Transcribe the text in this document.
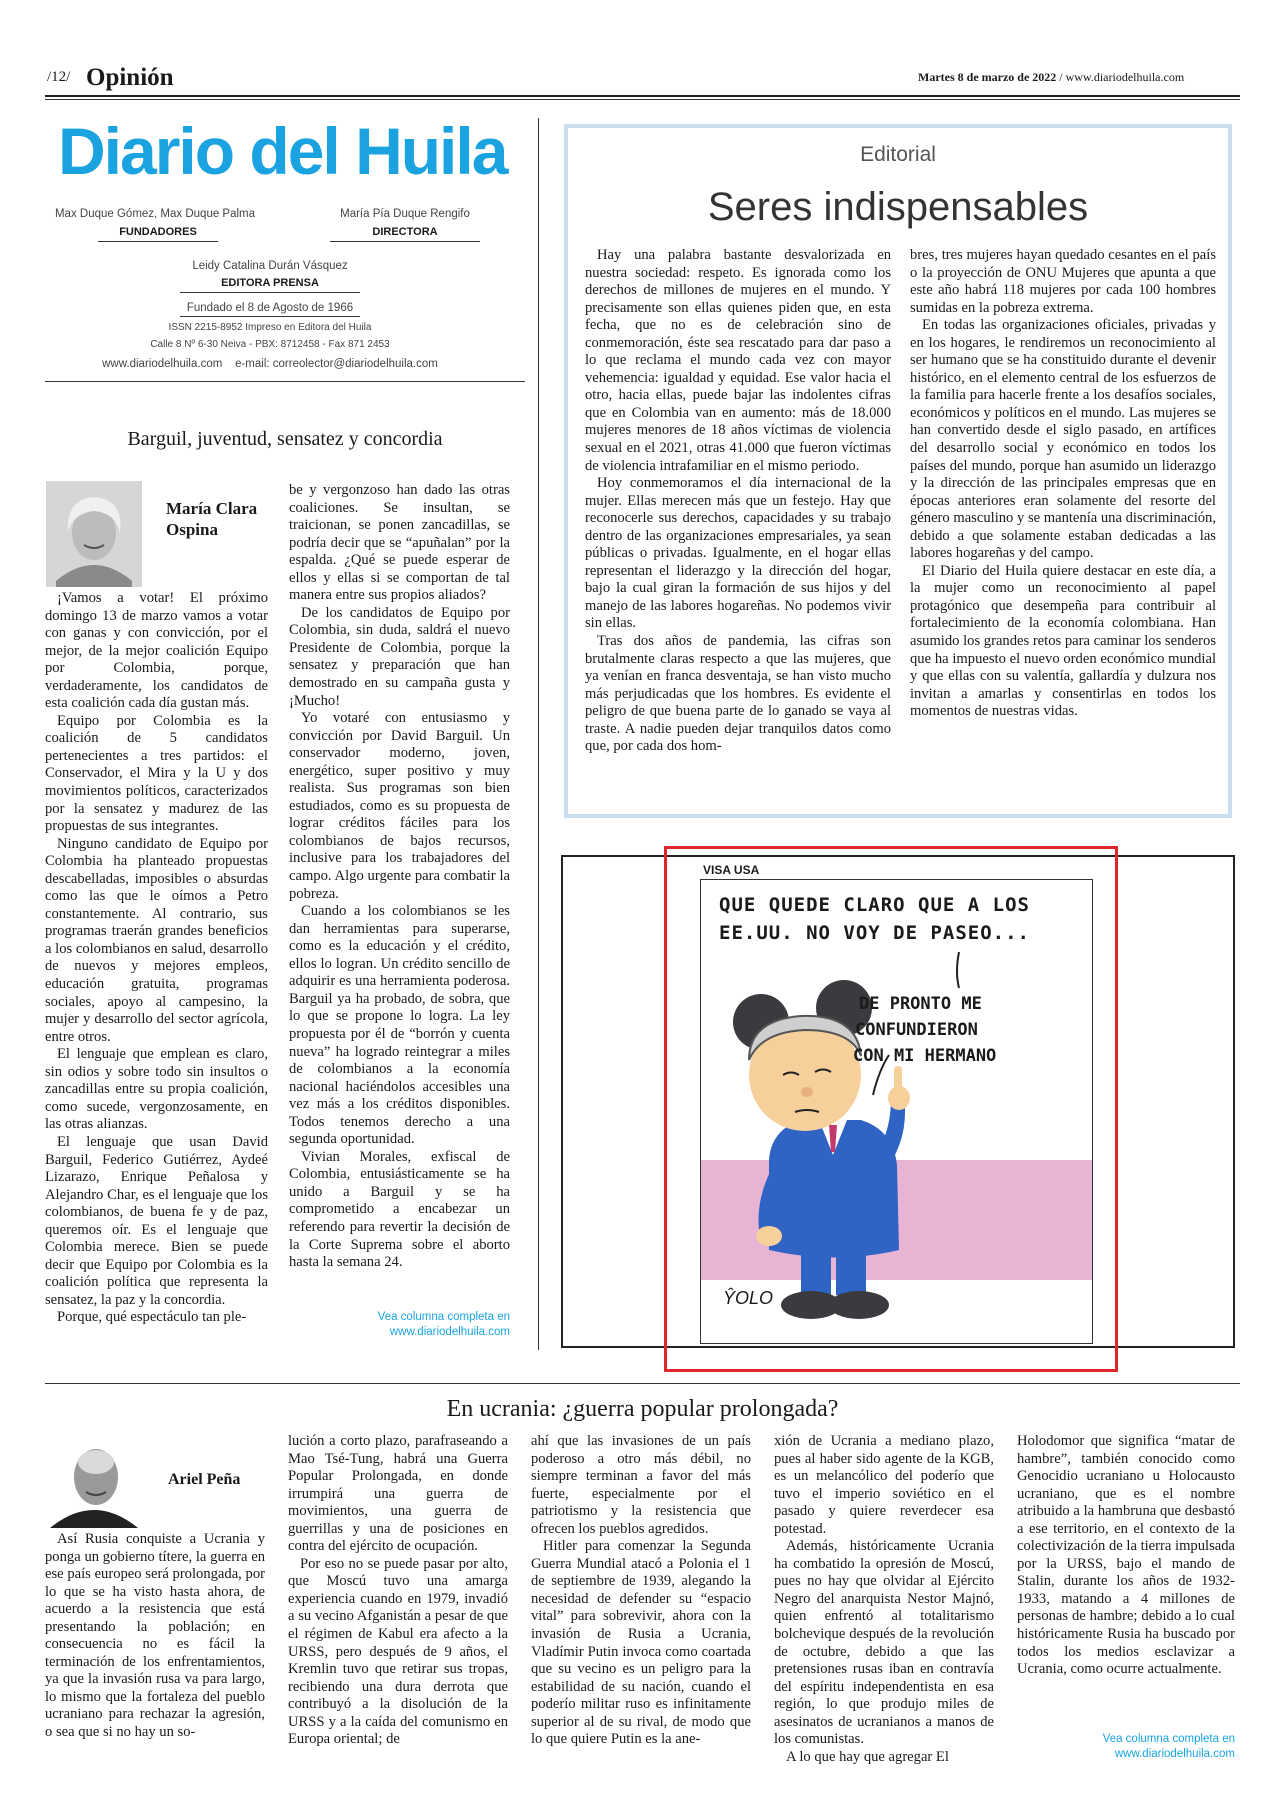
/12/ Opinión	Martes 8 de marzo de 2022 / www.diariodelhuila.com
Diario del Huila
Max Duque Gómez, Max Duque Palma
FUNDADORES
María Pía Duque Rengifo
DIRECTORA
Leidy Catalina Durán Vásquez
EDITORA PRENSA
Fundado el 8 de Agosto de 1966
ISSN 2215-8952 Impreso en Editora del Huila
Calle 8 Nº 6-30 Neiva - PBX: 8712458 - Fax 871 2453
www.diariodelhuila.com    e-mail: correolector@diariodelhuila.com
Barguil, juventud, sensatez y concordia
María Clara Ospina

¡Vamos a votar! El próximo domingo 13 de marzo vamos a votar con ganas y con convicción, por el mejor, de la mejor coalición Equipo por Colombia, porque, verdaderamente, los candidatos de esta coalición cada día gustan más.

Equipo por Colombia es la coalición de 5 candidatos pertenecientes a tres partidos: el Conservador, el Mira y la U y dos movimientos políticos, caracterizados por la sensatez y madurez de las propuestas de sus integrantes.

Ninguno candidato de Equipo por Colombia ha planteado propuestas descabelladas, imposibles o absurdas como las que le oímos a Petro constantemente. Al contrario, sus programas traerán grandes beneficios a los colombianos en salud, desarrollo de nuevos y mejores empleos, educación gratuita, programas sociales, apoyo al campesino, la mujer y desarrollo del sector agrícola, entre otros.

El lenguaje que emplean es claro, sin odios y sobre todo sin insultos o zancadillas entre su propia coalición, como sucede, vergonzosamente, en las otras alianzas.

El lenguaje que usan David Barguil, Federico Gutiérrez, Aydeé Lizarazo, Enrique Peñalosa y Alejandro Char, es el lenguaje que los colombianos, de buena fe y de paz, queremos oír. Es el lenguaje que Colombia merece. Bien se puede decir que Equipo por Colombia es la coalición política que representa la sensatez, la paz y la concordia.

Porque, qué espectáculo tan ple-

be y vergonzoso han dado las otras coaliciones. Se insultan, se traicionan, se ponen zancadillas, se podría decir que se “apuñalan” por la espalda. ¿Qué se puede esperar de ellos y ellas si se comportan de tal manera entre sus propios aliados?

De los candidatos de Equipo por Colombia, sin duda, saldrá el nuevo Presidente de Colombia, porque la sensatez y preparación que han demostrado en su campaña gusta y ¡Mucho!

Yo votaré con entusiasmo y convicción por David Barguil. Un conservador moderno, joven, energético, super positivo y muy realista. Sus programas son bien estudiados, como es su propuesta de lograr créditos fáciles para los colombianos de bajos recursos, inclusive para los trabajadores del campo. Algo urgente para combatir la pobreza.

Cuando a los colombianos se les dan herramientas para superarse, como es la educación y el crédito, ellos lo logran. Un crédito sencillo de adquirir es una herramienta poderosa. Barguil ya ha probado, de sobra, que lo que se propone lo logra. La ley propuesta por él de “borrón y cuenta nueva” ha logrado reintegrar a miles de colombianos a la economía nacional haciéndolos accesibles una vez más a los créditos disponibles. Todos tenemos derecho a una segunda oportunidad.

Vivian Morales, exfiscal de Colombia, entusiásticamente se ha unido a Barguil y se ha comprometido a encabezar un referendo para revertir la decisión de la Corte Suprema sobre el aborto hasta la semana 24.

Vea columna completa en
www.diariodelhuila.com
Editorial
Seres indispensables

Hay una palabra bastante desvalorizada en nuestra sociedad: respeto. Es ignorada como los derechos de millones de mujeres en el mundo. Y precisamente son ellas quienes piden que, en esta fecha, que no es de celebración sino de conmemoración, éste sea rescatado para dar paso a lo que reclama el mundo cada vez con mayor vehemencia: igualdad y equidad. Ese valor hacia el otro, hacia ellas, puede bajar las indolentes cifras que en Colombia van en aumento: más de 18.000 mujeres menores de 18 años víctimas de violencia sexual en el 2021, otras 41.000 que fueron víctimas de violencia intrafamiliar en el mismo periodo.

Hoy conmemoramos el día internacional de la mujer. Ellas merecen más que un festejo. Hay que reconocerle sus derechos, capacidades y su trabajo dentro de las organizaciones empresariales, ya sean públicas o privadas. Igualmente, en el hogar ellas representan el liderazgo y la dirección del hogar, bajo la cual giran la formación de sus hijos y del manejo de las labores hogareñas. No podemos vivir sin ellas.

Tras dos años de pandemia, las cifras son brutalmente claras respecto a que las mujeres, que ya venían en franca desventaja, se han visto mucho más perjudicadas que los hombres. Es evidente el peligro de que buena parte de lo ganado se vaya al traste. A nadie pueden dejar tranquilos datos como que, por cada dos hom-

bres, tres mujeres hayan quedado cesantes en el país o la proyección de ONU Mujeres que apunta a que este año habrá 118 mujeres por cada 100 hombres sumidas en la pobreza extrema.

En todas las organizaciones oficiales, privadas y en los hogares, le rendiremos un reconocimiento al ser humano que se ha constituido durante el devenir histórico, en el elemento central de los esfuerzos de la familia para hacerle frente a los desafíos sociales, económicos y políticos en el mundo. Las mujeres se han convertido desde el siglo pasado, en artífices del desarrollo social y económico en todos los países del mundo, porque han asumido un liderazgo y la dirección de las principales empresas que en épocas anteriores eran solamente del resorte del género masculino y se mantenía una discriminación, debido a que solamente estaban dedicadas a las labores hogareñas y del campo.

El Diario del Huila quiere destacar en este día, a la mujer como un reconocimiento al papel protagónico que desempeña para contribuir al fortalecimiento de la economía colombiana. Han asumido los grandes retos para caminar los senderos que ha impuesto el nuevo orden económico mundial y que ellas con su valentía, gallardía y dulzura nos invitan a amarlas y consentirlas en todos los momentos de nuestras vidas.

VISA USA
QUE QUEDE CLARO QUE A LOS
EE.UU. NO VOY DE PASEO...
DE PRONTO ME
CONFUNDIERON
CON MI HERMANO
ŶOLO
En ucrania: ¿guerra popular prolongada?
Ariel Peña

Así Rusia conquiste a Ucrania y ponga un gobierno títere, la guerra en ese país europeo será prolongada, por lo que se ha visto hasta ahora, de acuerdo a la resistencia que está presentando la población; en consecuencia no es fácil la terminación de los enfrentamientos, ya que la invasión rusa va para largo, lo mismo que la fortaleza del pueblo ucraniano para rechazar la agresión, o sea que si no hay un so-

lución a corto plazo, parafraseando a Mao Tsé-Tung, habrá una Guerra Popular Prolongada, en donde irrumpirá una guerra de movimientos, una guerra de guerrillas y una de posiciones en contra del ejército de ocupación.

Por eso no se puede pasar por alto, que Moscú tuvo una amarga experiencia cuando en 1979, invadió a su vecino Afganistán a pesar de que el régimen de Kabul era afecto a la URSS, pero después de 9 años, el Kremlin tuvo que retirar sus tropas, recibiendo una dura derrota que contribuyó a la disolución de la URSS y a la caída del comunismo en Europa oriental; de

ahí que las invasiones de un país poderoso a otro más débil, no siempre terminan a favor del más fuerte, especialmente por el patriotismo y la resistencia que ofrecen los pueblos agredidos.

Hitler para comenzar la Segunda Guerra Mundial atacó a Polonia el 1 de septiembre de 1939, alegando la necesidad de defender su “espacio vital” para sobrevivir, ahora con la invasión de Rusia a Ucrania, Vladímir Putin invoca como coartada que su vecino es un peligro para la estabilidad de su nación, cuando el poderío militar ruso es infinitamente superior al de su rival, de modo que lo que quiere Putin es la ane-

xión de Ucrania a mediano plazo, pues al haber sido agente de la KGB, es un melancólico del poderío que tuvo el imperio soviético en el pasado y quiere reverdecer esa potestad.

Además, históricamente Ucrania ha combatido la opresión de Moscú, pues no hay que olvidar al Ejército Negro del anarquista Nestor Majnó, quien enfrentó al totalitarismo bolchevique después de la revolución de octubre, debido a que las pretensiones rusas iban en contravía del espíritu independentista en esa región, lo que produjo miles de asesinatos de ucranianos a manos de los comunistas.

A lo que hay que agregar El

Holodomor que significa “matar de hambre”, también conocido como Genocidio ucraniano u Holocausto ucraniano, que es el nombre atribuido a la hambruna que desbastó a ese territorio, en el contexto de la colectivización de la tierra impulsada por la URSS, bajo el mando de Stalin, durante los años de 1932-1933, matando a 4 millones de personas de hambre; debido a lo cual históricamente Rusia ha buscado por todos los medios esclavizar a Ucrania, como ocurre actualmente.

Vea columna completa en
www.diariodelhuila.com
